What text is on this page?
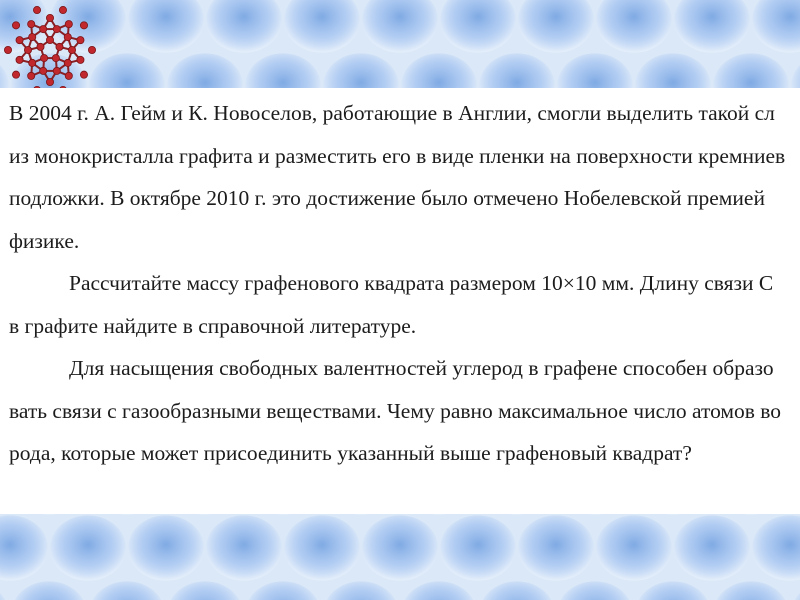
В 2004 г. А. Гейм и К. Новоселов, работающие в Англии, смогли выделить такой сл
из монокристалла графита и разместить его в виде пленки на поверхности кремниев
подложки. В октябре 2010 г. это достижение было отмечено Нобелевской премией
физике.
Рассчитайте массу графенового квадрата размером 10×10 мм. Длину связи С
в графите найдите в справочной литературе.
Для насыщения свободных валентностей углерод в графене способен образо
вать связи с газообразными веществами. Чему равно максимальное число атомов во
рода, которые может присоединить указанный выше графеновый квадрат?
